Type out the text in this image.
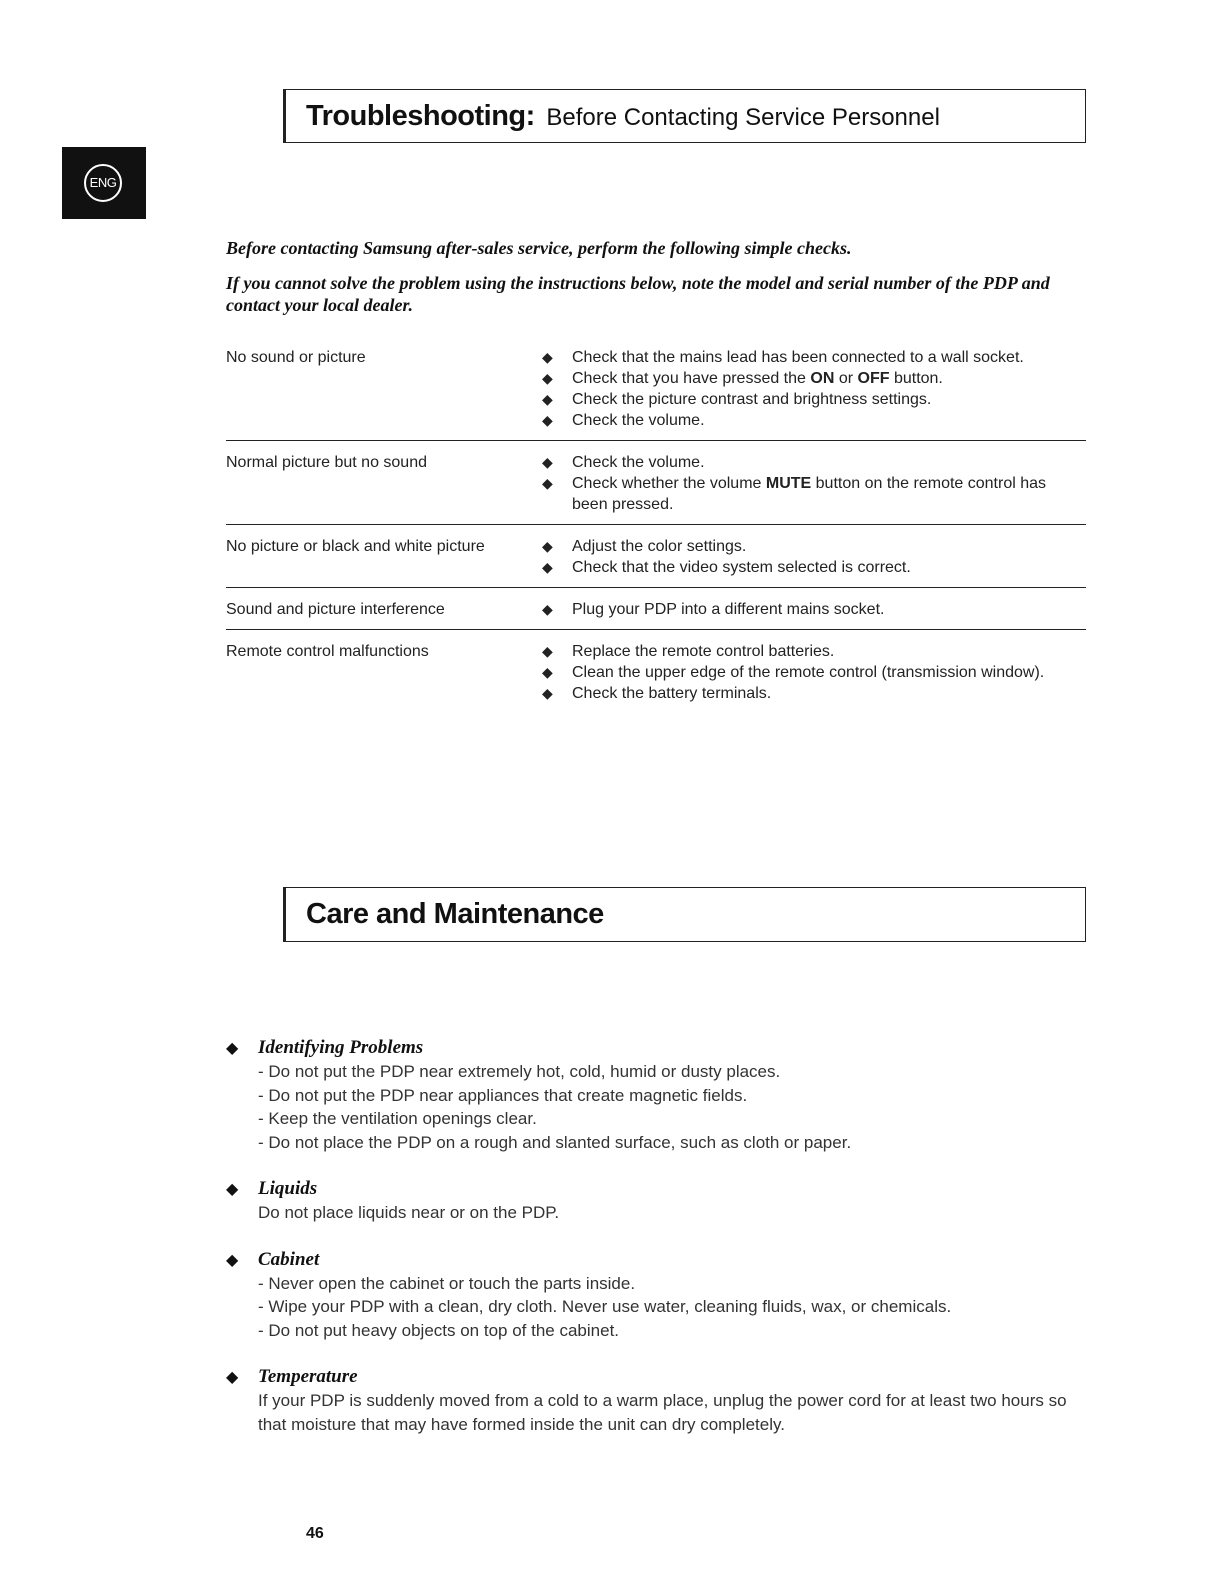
ENG
Troubleshooting: Before Contacting Service Personnel
Before contacting Samsung after-sales service, perform the following simple checks.
If you cannot solve the problem using the instructions below, note the model and serial number of the PDP and contact your local dealer.
No sound or picture	◆ Check that the mains lead has been connected to a wall socket.
◆ Check that you have pressed the ON or OFF button.
◆ Check the picture contrast and brightness settings.
◆ Check the volume.
Normal picture but no sound	◆ Check the volume.
◆ Check whether the volume MUTE button on the remote control has been pressed.
No picture or black and white picture	◆ Adjust the color settings.
◆ Check that the video system selected is correct.
Sound and picture interference	◆ Plug your PDP into a different mains socket.
Remote control malfunctions	◆ Replace the remote control batteries.
◆ Clean the upper edge of the remote control (transmission window).
◆ Check the battery terminals.
Care and Maintenance
◆ Identifying Problems
- Do not put the PDP near extremely hot, cold, humid or dusty places.
- Do not put the PDP near appliances that create magnetic fields.
- Keep the ventilation openings clear.
- Do not place the PDP on a rough and slanted surface, such as cloth or paper.
◆ Liquids
Do not place liquids near or on the PDP.
◆ Cabinet
- Never open the cabinet or touch the parts inside.
- Wipe your PDP with a clean, dry cloth. Never use water, cleaning fluids, wax, or chemicals.
- Do not put heavy objects on top of the cabinet.
◆ Temperature
If your PDP is suddenly moved from a cold to a warm place, unplug the power cord for at least two hours so that moisture that may have formed inside the unit can dry completely.
46
